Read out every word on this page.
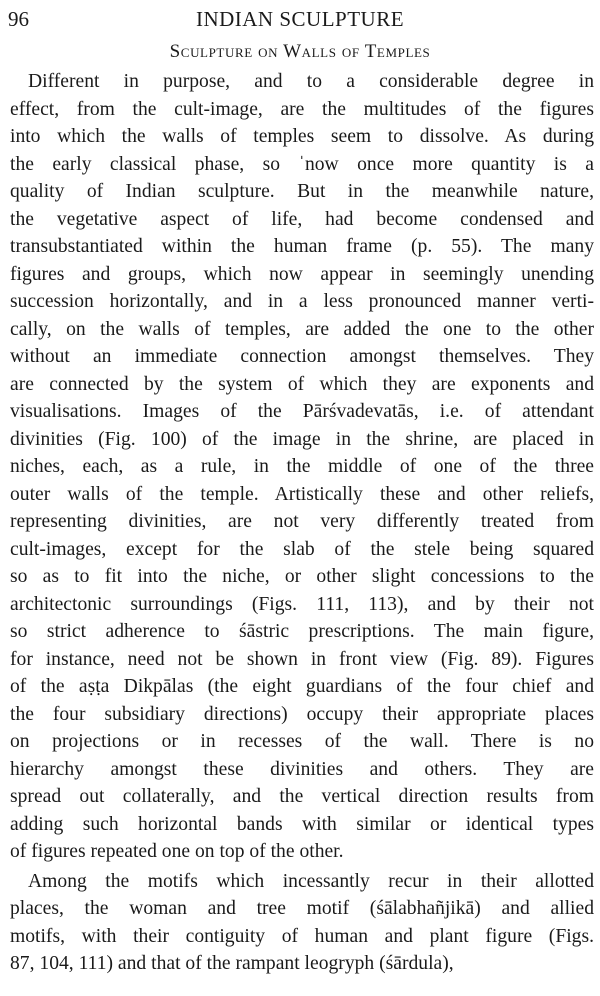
96	INDIAN SCULPTURE
Sculpture on Walls of Temples

Different in purpose, and to a considerable degree in
effect, from the cult-image, are the multitudes of the figures
into which the walls of temples seem to dissolve. As during
the early classical phase, so ˈnow once more quantity is a
quality of Indian sculpture. But in the meanwhile nature,
the vegetative aspect of life, had become condensed and
transubstantiated within the human frame (p. 55). The many
figures and groups, which now appear in seemingly unending
succession horizontally, and in a less pronounced manner verti-
cally, on the walls of temples, are added the one to the other
without an immediate connection amongst themselves. They
are connected by the system of which they are exponents and
visualisations. Images of the Pārśvadevatās, i.e. of attendant
divinities (Fig. 100) of the image in the shrine, are placed in
niches, each, as a rule, in the middle of one of the three
outer walls of the temple. Artistically these and other reliefs,
representing divinities, are not very differently treated from
cult-images, except for the slab of the stele being squared
so as to fit into the niche, or other slight concessions to the
architectonic surroundings (Figs. 111, 113), and by their not
so strict adherence to śāstric prescriptions. The main figure,
for instance, need not be shown in front view (Fig. 89). Figures
of the aṣṭa Dikpālas (the eight guardians of the four chief and
the four subsidiary directions) occupy their appropriate places
on projections or in recesses of the wall. There is no
hierarchy amongst these divinities and others. They are
spread out collaterally, and the vertical direction results from
adding such horizontal bands with similar or identical types
of figures repeated one on top of the other.

Among the motifs which incessantly recur in their allotted
places, the woman and tree motif (śālabhañjikā) and allied
motifs, with their contiguity of human and plant figure (Figs.
87, 104, 111) and that of the rampant leogryph (śārdula),
